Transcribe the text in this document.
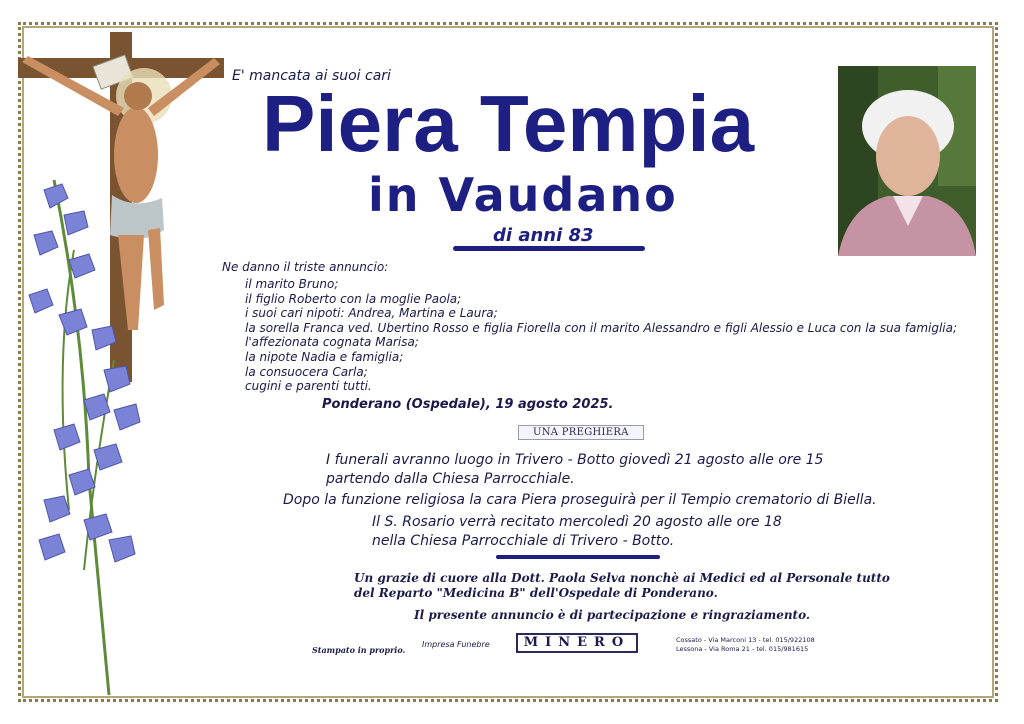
E' mancata ai suoi cari
Piera Tempia
in Vaudano
di anni 83
Ne danno il triste annuncio:
il marito Bruno;
il figlio Roberto con la moglie Paola;
i suoi cari nipoti: Andrea, Martina e Laura;
la sorella Franca ved. Ubertino Rosso e figlia Fiorella con il marito Alessandro e figli Alessio e Luca con la sua famiglia;
l'affezionata cognata Marisa;
la nipote Nadia e famiglia;
la consuocera Carla;
cugini e parenti tutti.
Ponderano (Ospedale), 19 agosto 2025.
UNA PREGHIERA
I funerali avranno luogo in Trivero - Botto giovedì 21 agosto alle ore 15
partendo dalla Chiesa Parrocchiale.
Dopo la funzione religiosa la cara Piera proseguirà per il Tempio crematorio di Biella.
Il S. Rosario verrà recitato mercoledì 20 agosto alle ore 18
nella Chiesa Parrocchiale di Trivero - Botto.
Un grazie di cuore alla Dott. Paola Selva nonchè ai Medici ed al Personale tutto
del Reparto "Medicina B" dell'Ospedale di Ponderano.
Il presente annuncio è di partecipazione e ringraziamento.
Stampato in proprio.
Impresa Funebre	MINERO	Cossato - Via Marconi 13 - tel. 015/922108
Lessona - Via Roma 21 - tel. 015/981615
